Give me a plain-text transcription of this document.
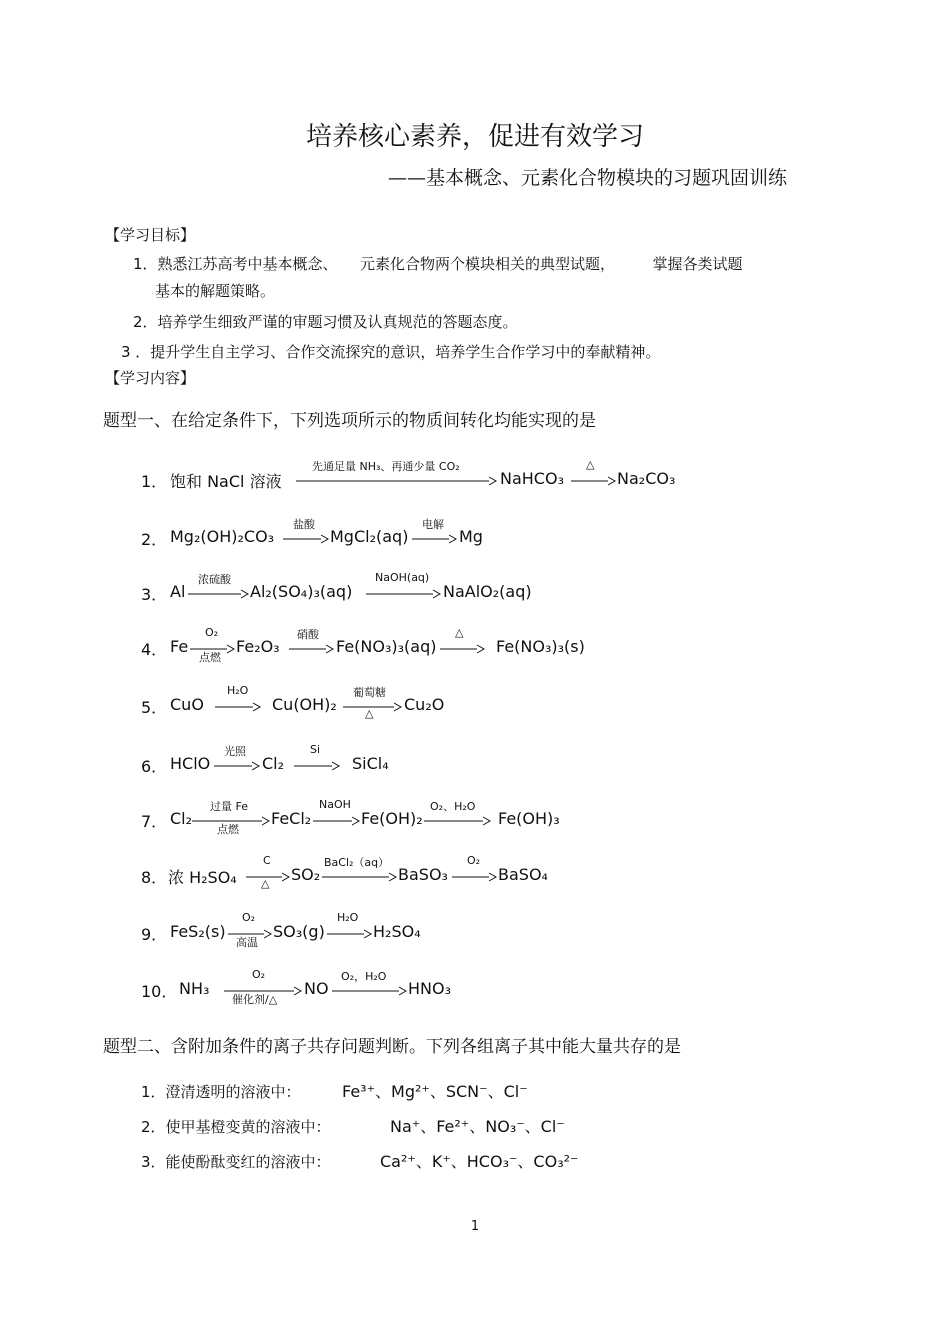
培养核心素养，促进有效学习
——基本概念、元素化合物模块的习题巩固训练
【学习目标】
1．熟悉江苏高考中基本概念、　　元素化合物两个模块相关的典型试题，　　　掌握各类试题
基本的解题策略。
2．培养学生细致严谨的审题习惯及认真规范的答题态度。
3 ．提升学生自主学习、合作交流探究的意识，培养学生合作学习中的奉献精神。
【学习内容】
题型一、在给定条件下，下列选项所示的物质间转化均能实现的是
1． 饱和 NaCl 溶液
先通足量 NH₃、再通少量 CO₂
NaHCO₃
△
Na₂CO₃
2． Mg₂(OH)₂CO₃
盐酸
MgCl₂(aq)
电解
Mg
3． Al
浓硫酸
Al₂(SO₄)₃(aq)
NaOH(aq)
NaAlO₂(aq)
4． Fe
O₂
点燃
Fe₂O₃
硝酸
Fe(NO₃)₃(aq)
△
Fe(NO₃)₃(s)
5． CuO
H₂O
Cu(OH)₂
葡萄糖
△ Cu₂O
6． HClO
光照
Cl₂
Si
SiCl₄
7． Cl₂
过量 Fe
点燃
FeCl₂
NaOH
Fe(OH)₂
O₂、H₂O
Fe(OH)₃
8． 浓 H₂SO₄
C
△ SO₂
BaCl₂（aq）
BaSO₃
O₂
BaSO₄
9． FeS₂(s)
O₂
高温
SO₃(g)
H₂O
H₂SO₄
10． NH₃
O₂
催化剂/△
NO
O₂，H₂O
HNO₃
题型二、含附加条件的离子共存问题判断。下列各组离子其中能大量共存的是
1．澄清透明的溶液中：	Fe³⁺、Mg²⁺、SCN⁻、Cl⁻
2．使甲基橙变黄的溶液中：	Na⁺、Fe²⁺、NO₃⁻、Cl⁻
3．能使酚酞变红的溶液中：	Ca²⁺、K⁺、HCO₃⁻、CO₃²⁻
1
